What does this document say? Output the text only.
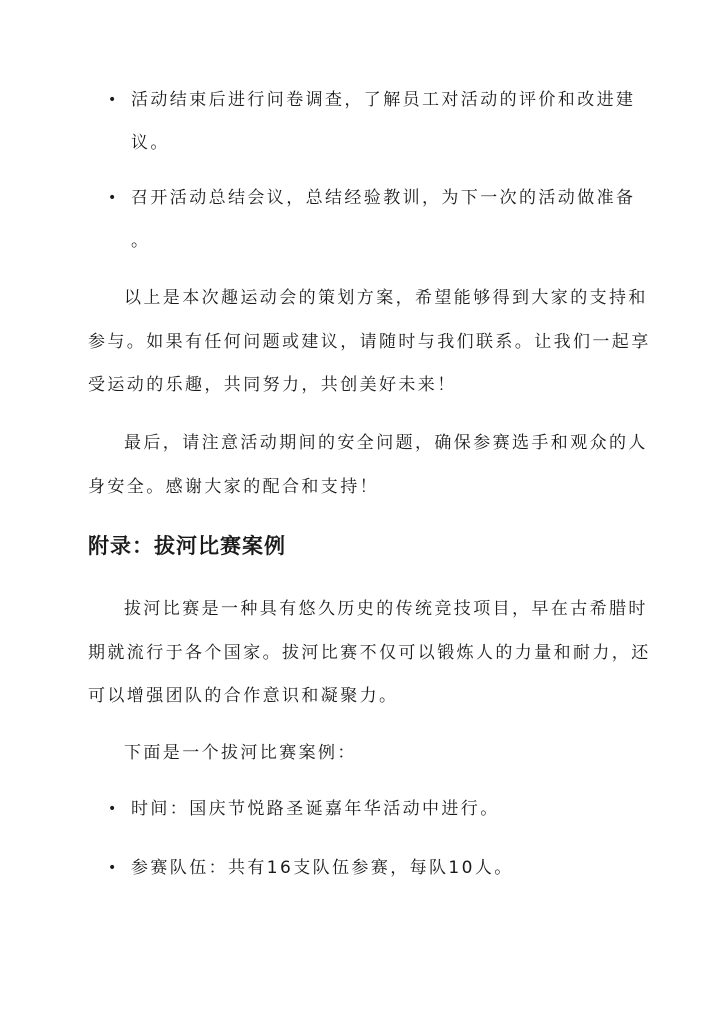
• 活动结束后进行问卷调查，了解员工对活动的评价和改进建
议。
• 召开活动总结会议，总结经验教训，为下一次的活动做准备
。
以上是本次趣运动会的策划方案，希望能够得到大家的支持和
参与。如果有任何问题或建议，请随时与我们联系。让我们一起享
受运动的乐趣，共同努力，共创美好未来！
最后，请注意活动期间的安全问题，确保参赛选手和观众的人
身安全。感谢大家的配合和支持！
附录：拔河比赛案例
拔河比赛是一种具有悠久历史的传统竞技项目，早在古希腊时
期就流行于各个国家。拔河比赛不仅可以锻炼人的力量和耐力，还
可以增强团队的合作意识和凝聚力。
下面是一个拔河比赛案例：
• 时间：国庆节悦路圣诞嘉年华活动中进行。
• 参赛队伍：共有16支队伍参赛，每队10人。
